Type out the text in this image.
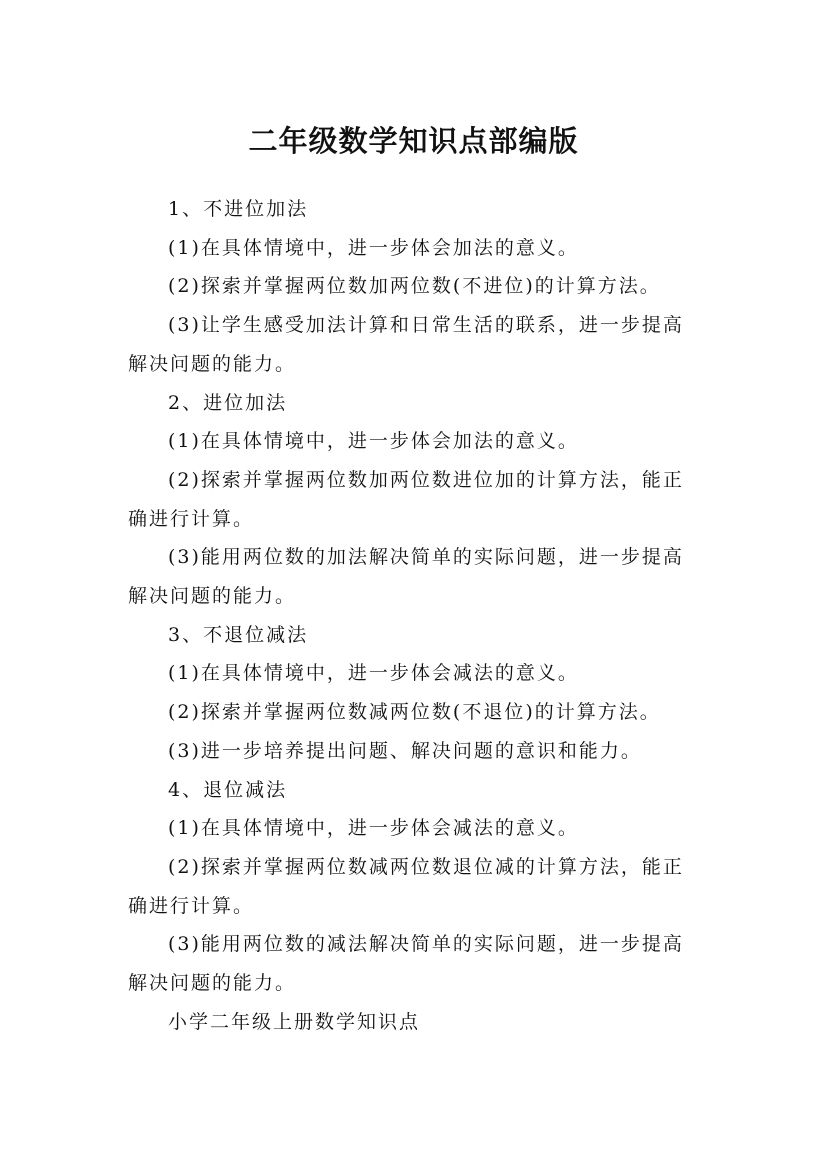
二年级数学知识点部编版

1、不进位加法

(1)在具体情境中，进一步体会加法的意义。

(2)探索并掌握两位数加两位数(不进位)的计算方法。

(3)让学生感受加法计算和日常生活的联系，进一步提高解决问题的能力。

2、进位加法

(1)在具体情境中，进一步体会加法的意义。

(2)探索并掌握两位数加两位数进位加的计算方法，能正确进行计算。

(3)能用两位数的加法解决简单的实际问题，进一步提高解决问题的能力。

3、不退位减法

(1)在具体情境中，进一步体会减法的意义。

(2)探索并掌握两位数减两位数(不退位)的计算方法。

(3)进一步培养提出问题、解决问题的意识和能力。

4、退位减法

(1)在具体情境中，进一步体会减法的意义。

(2)探索并掌握两位数减两位数退位减的计算方法，能正确进行计算。

(3)能用两位数的减法解决简单的实际问题，进一步提高解决问题的能力。

小学二年级上册数学知识点
